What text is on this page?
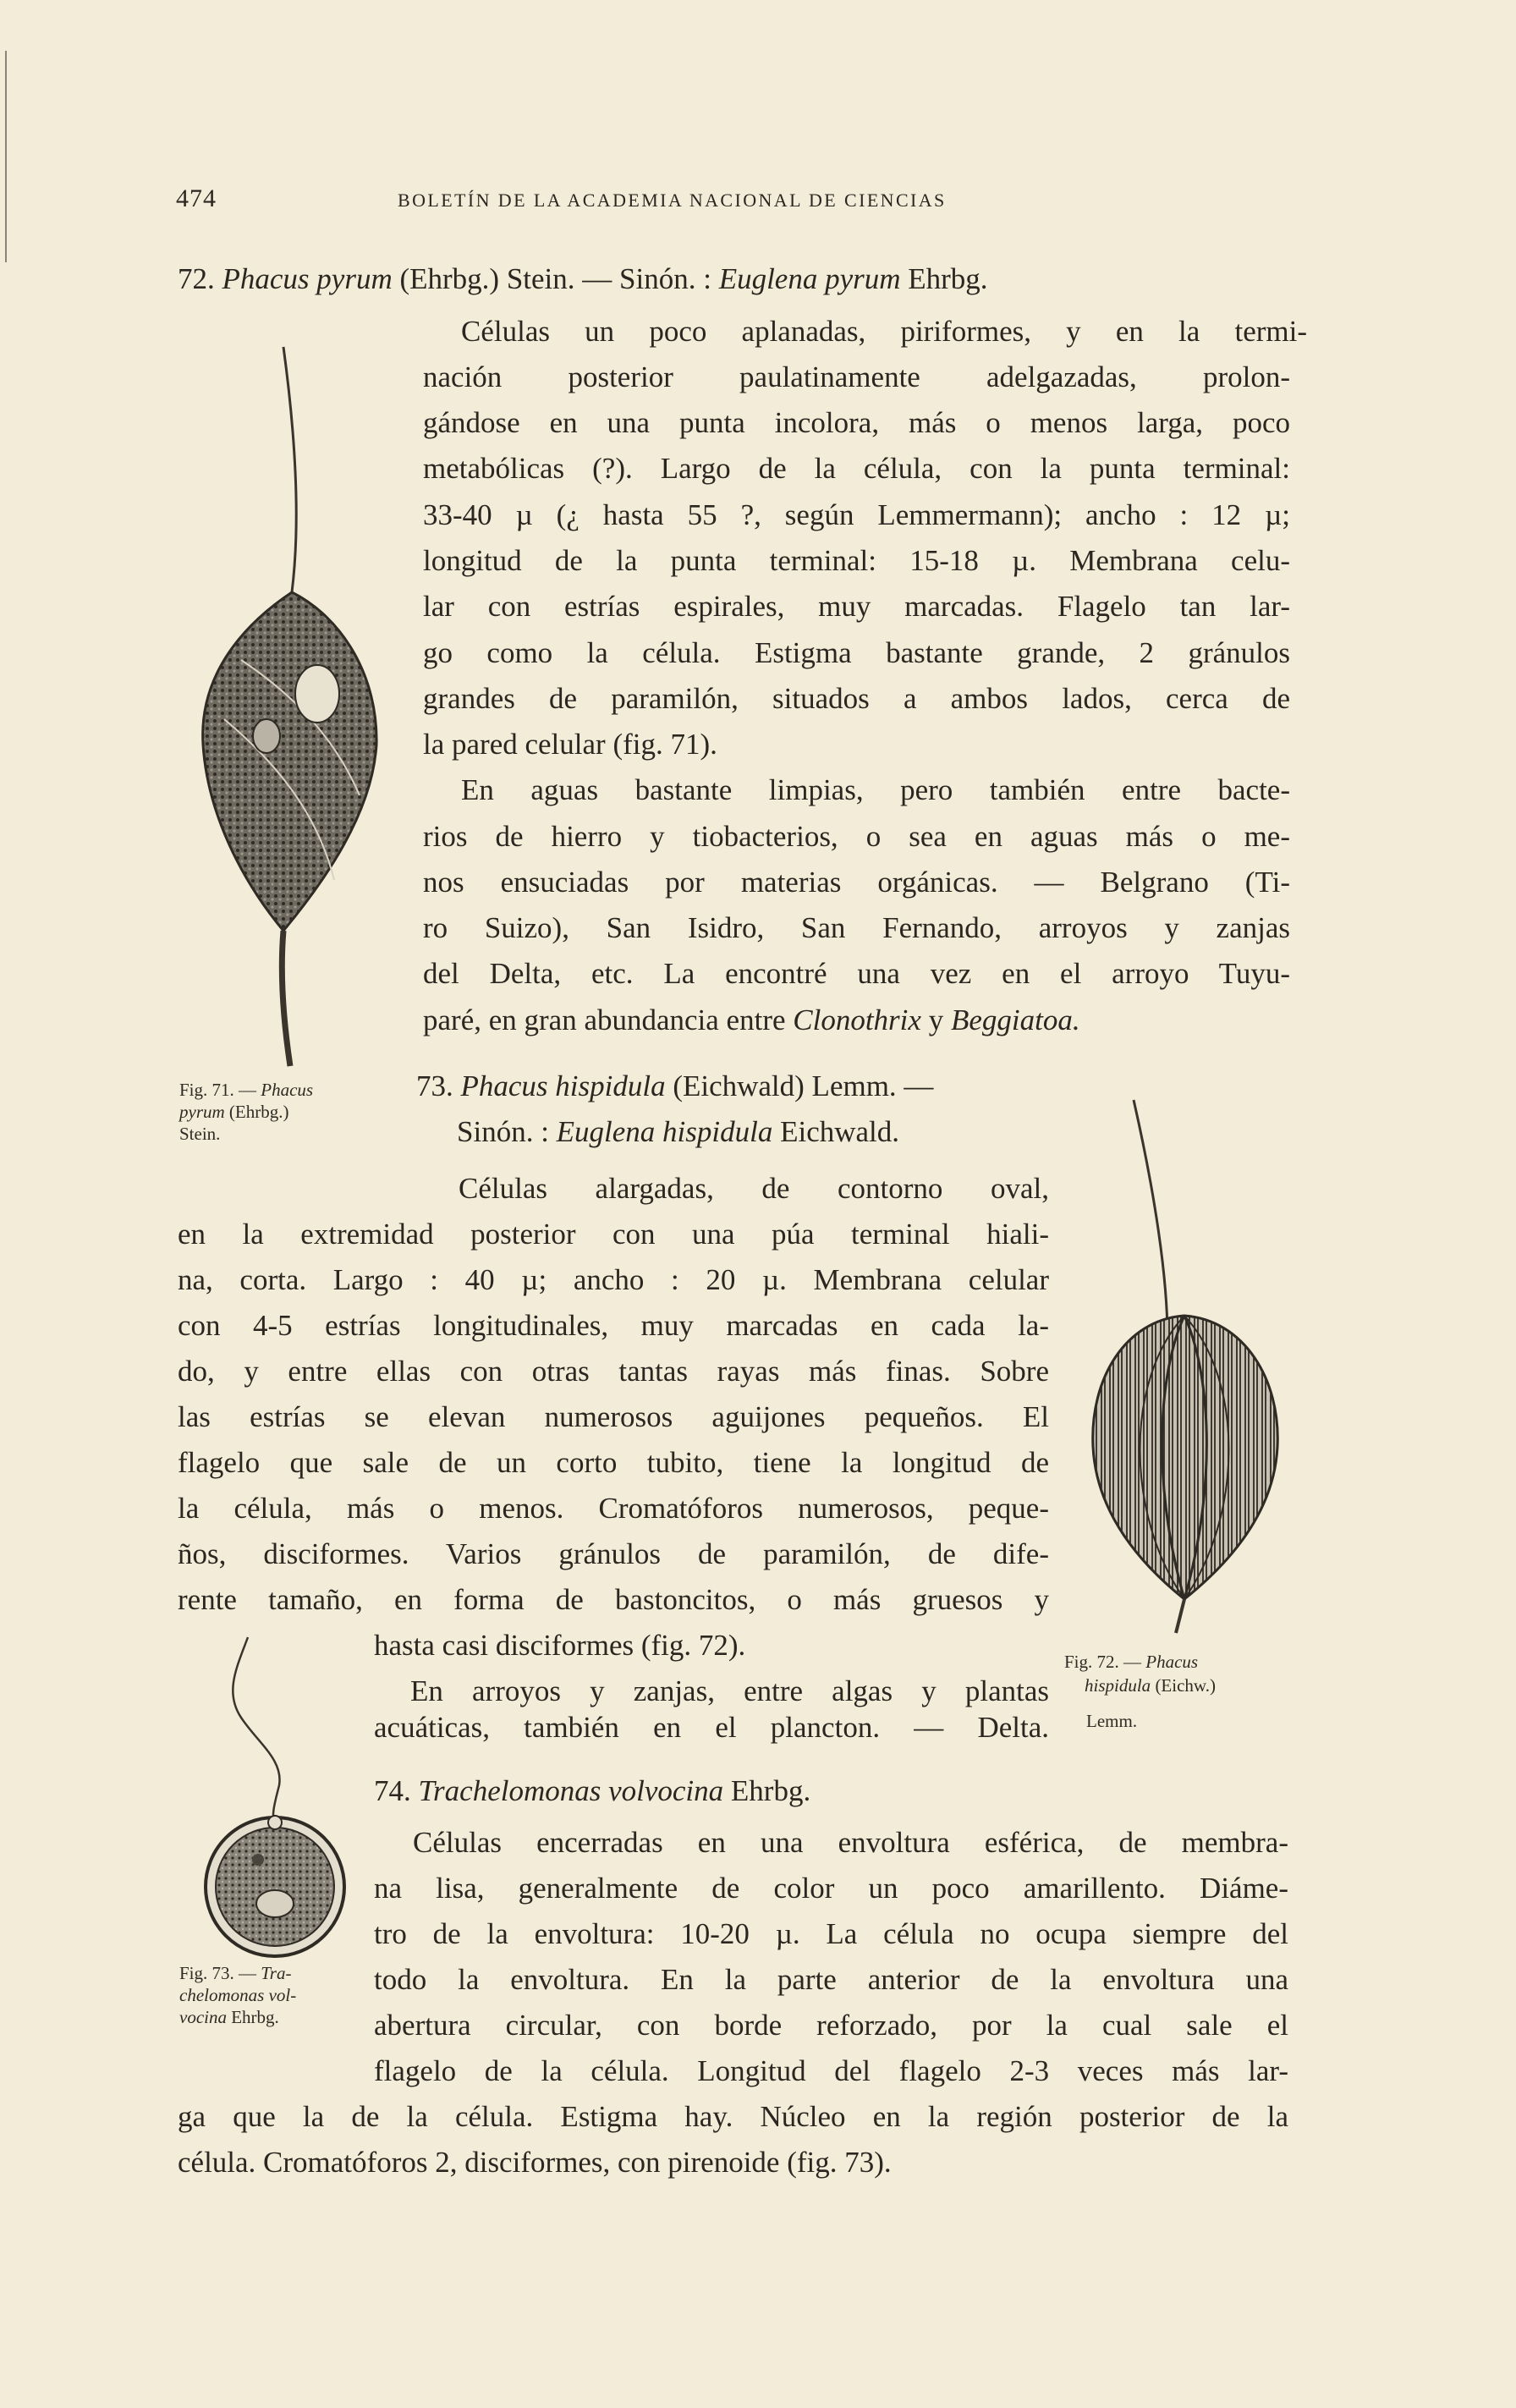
474	BOLETÍN DE LA ACADEMIA NACIONAL DE CIENCIAS
72. Phacus pyrum (Ehrbg.) Stein. — Sinón. : Euglena pyrum Ehrbg.
Células un poco aplanadas, piriformes, y en la termi-
nación posterior paulatinamente adelgazadas, prolon-
gándose en una punta incolora, más o menos larga, poco
metabólicas (?). Largo de la célula, con la punta terminal:
33-40 µ (¿ hasta 55 ?, según Lemmermann); ancho : 12 µ;
longitud de la punta terminal: 15-18 µ. Membrana celu-
lar con estrías espirales, muy marcadas. Flagelo tan lar-
go como la célula. Estigma bastante grande, 2 gránulos
grandes de paramilón, situados a ambos lados, cerca de
la pared celular (fig. 71).
En aguas bastante limpias, pero también entre bacte-
rios de hierro y tiobacterios, o sea en aguas más o me-
nos ensuciadas por materias orgánicas. — Belgrano (Ti-
ro Suizo), San Isidro, San Fernando, arroyos y zanjas
del Delta, etc. La encontré una vez en el arroyo Tuyu-
paré, en gran abundancia entre Clonothrix y Beggiatoa.
Fig. 71. — Phacus
pyrum (Ehrbg.)
Stein.
73. Phacus hispidula (Eichwald) Lemm. —
Sinón. : Euglena hispidula Eichwald.
Células alargadas, de contorno oval,
en la extremidad posterior con una púa terminal hiali-
na, corta. Largo : 40 µ; ancho : 20 µ. Membrana celular
con 4-5 estrías longitudinales, muy marcadas en cada la-
do, y entre ellas con otras tantas rayas más finas. Sobre
las estrías se elevan numerosos aguijones pequeños. El
flagelo que sale de un corto tubito, tiene la longitud de
la célula, más o menos. Cromatóforos numerosos, peque-
ños, disciformes. Varios gránulos de paramilón, de dife-
rente tamaño, en forma de bastoncitos, o más gruesos y
hasta casi disciformes (fig. 72).
En arroyos y zanjas, entre algas y plantas
acuáticas, también en el plancton. — Delta.
Fig. 72. — Phacus
hispidula (Eichw.)
Lemm.
74. Trachelomonas volvocina Ehrbg.
Células encerradas en una envoltura esférica, de membra-
na lisa, generalmente de color un poco amarillento. Diáme-
tro de la envoltura: 10-20 µ. La célula no ocupa siempre del
todo la envoltura. En la parte anterior de la envoltura una
abertura circular, con borde reforzado, por la cual sale el
flagelo de la célula. Longitud del flagelo 2-3 veces más lar-
ga que la de la célula. Estigma hay. Núcleo en la región posterior de la
célula. Cromatóforos 2, disciformes, con pirenoide (fig. 73).
Fig. 73. — Tra-
chelomonas vol-
vocina Ehrbg.
